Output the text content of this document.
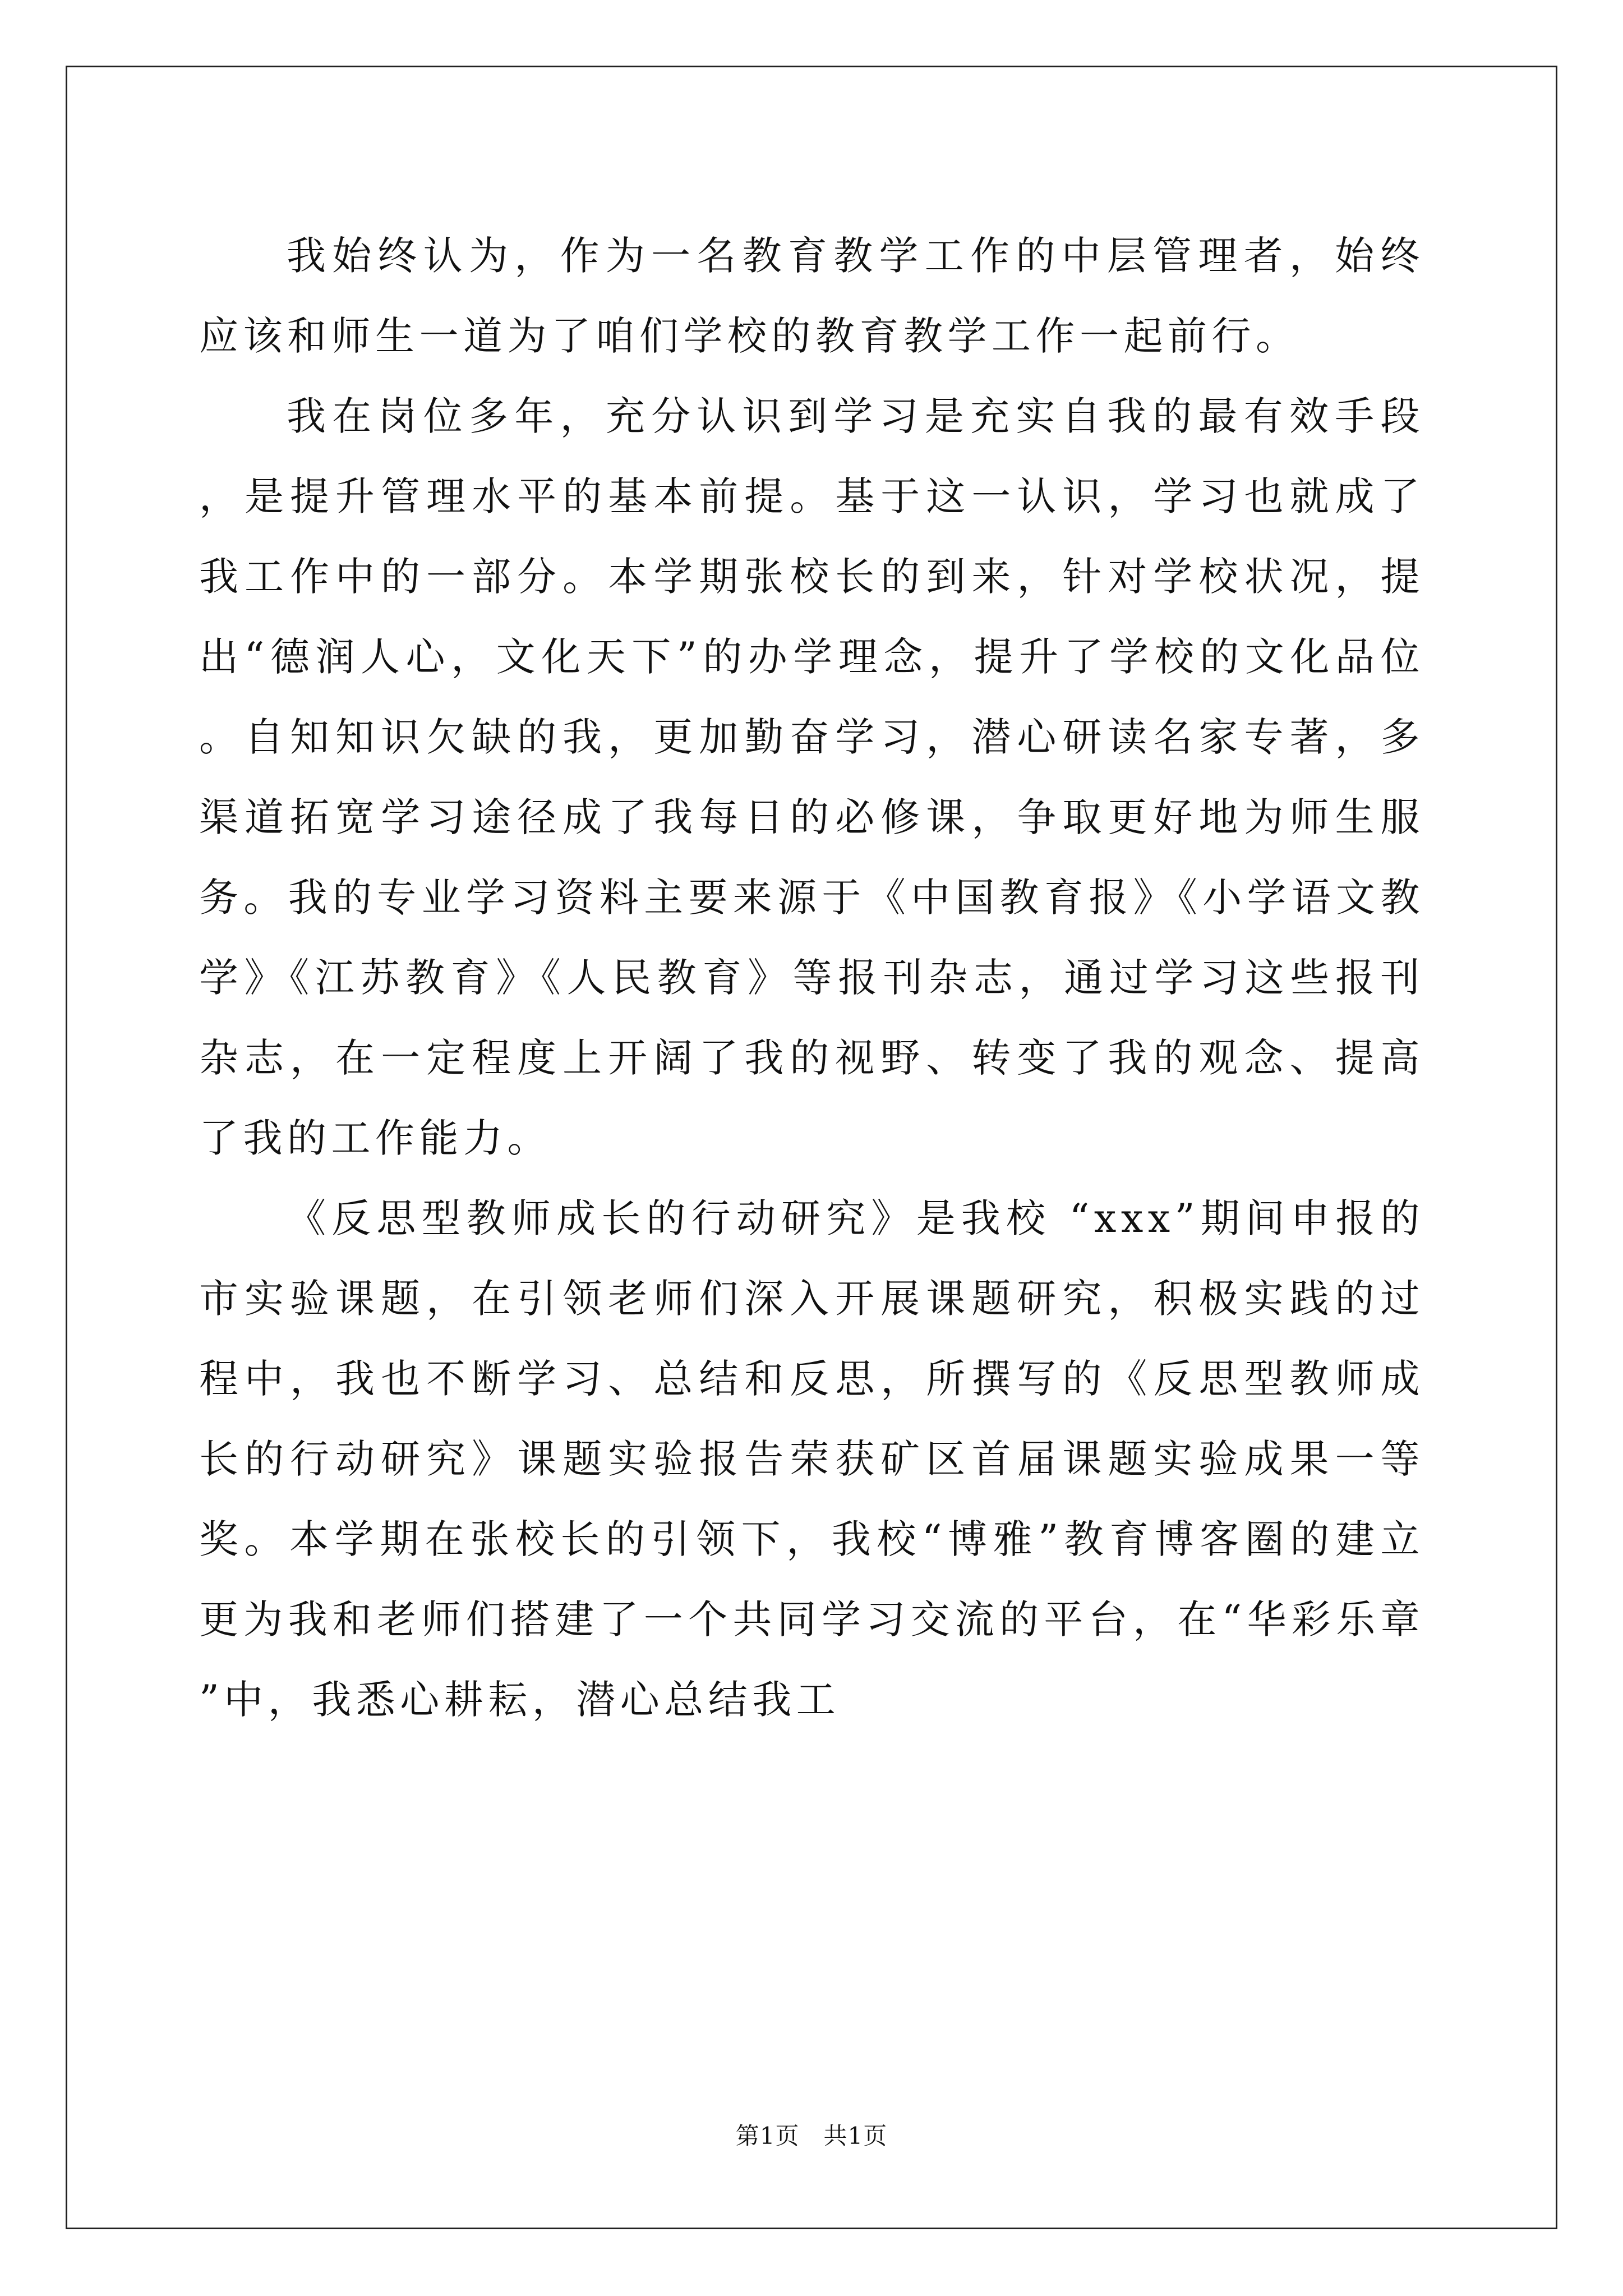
我始终认为，作为一名教育教学工作的中层管理者，始终应该和师生一道为了咱们学校的教育教学工作一起前行。

我在岗位多年，充分认识到学习是充实自我的最有效手段，是提升管理水平的基本前提。基于这一认识，学习也就成了我工作中的一部分。本学期张校长的到来，针对学校状况，提出“德润人心，文化天下”的办学理念，提升了学校的文化品位。自知知识欠缺的我，更加勤奋学习，潜心研读名家专著，多渠道拓宽学习途径成了我每日的必修课，争取更好地为师生服务。我的专业学习资料主要来源于《中国教育报》《小学语文教学》《江苏教育》《人民教育》等报刊杂志，通过学习这些报刊杂志，在一定程度上开阔了我的视野、转变了我的观念、提高了我的工作能力。

《反思型教师成长的行动研究》是我校 “xxx”期间申报的市实验课题，在引领老师们深入开展课题研究，积极实践的过程中，我也不断学习、总结和反思，所撰写的《反思型教师成长的行动研究》课题实验报告荣获矿区首届课题实验成果一等奖。本学期在张校长的引领下，我校“博雅”教育博客圈的建立更为我和老师们搭建了一个共同学习交流的平台，在“华彩乐章”中，我悉心耕耘，潜心总结我工

第1页　共1页
